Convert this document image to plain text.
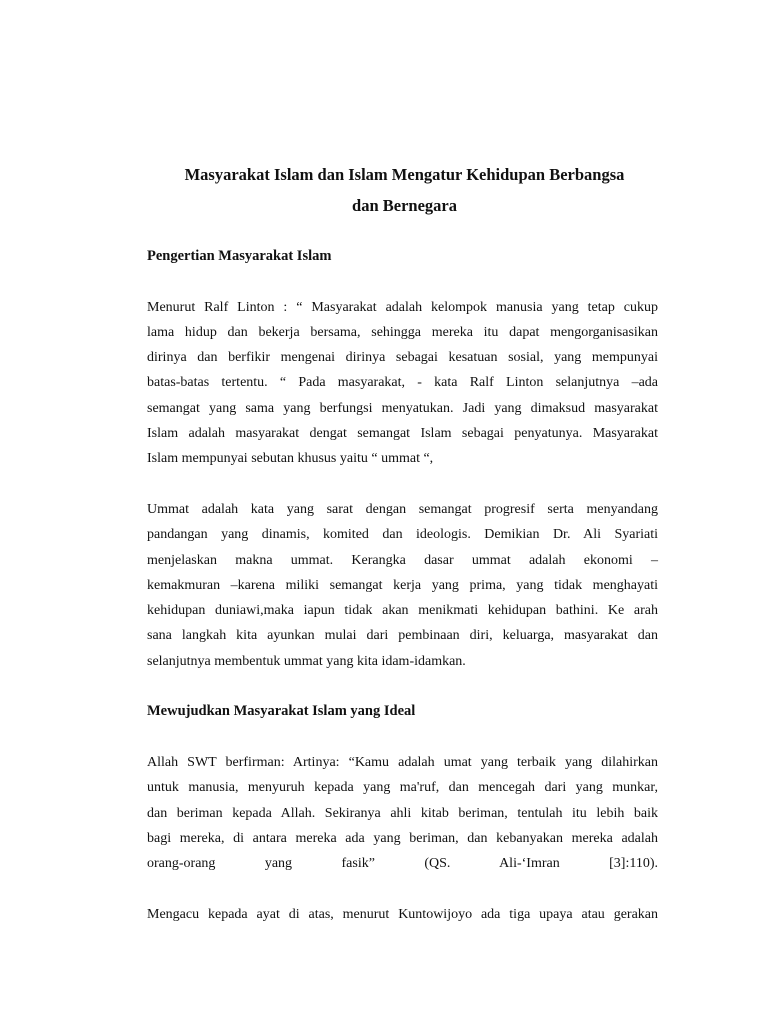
Masyarakat Islam dan Islam Mengatur Kehidupan Berbangsa
dan Bernegara
Pengertian Masyarakat Islam

Menurut Ralf Linton : “ Masyarakat adalah kelompok manusia yang tetap cukup
lama hidup dan bekerja bersama, sehingga mereka itu dapat mengorganisasikan
dirinya dan berfikir mengenai dirinya sebagai kesatuan sosial, yang mempunyai
batas-batas tertentu. “ Pada masyarakat, - kata Ralf Linton selanjutnya –ada
semangat yang sama yang berfungsi menyatukan. Jadi yang dimaksud masyarakat
Islam adalah masyarakat dengat semangat Islam sebagai penyatunya. Masyarakat
Islam mempunyai sebutan khusus yaitu “ ummat “,

Ummat adalah kata yang sarat dengan semangat progresif serta menyandang
pandangan yang dinamis, komited dan ideologis. Demikian Dr. Ali Syariati
menjelaskan makna ummat. Kerangka dasar ummat adalah ekonomi –
kemakmuran –karena miliki semangat kerja yang prima, yang tidak menghayati
kehidupan duniawi,maka iapun tidak akan menikmati kehidupan bathini. Ke arah
sana langkah kita ayunkan mulai dari pembinaan diri, keluarga, masyarakat dan
selanjutnya membentuk ummat yang kita idam-idamkan.

Mewujudkan Masyarakat Islam yang Ideal

Allah SWT berfirman: Artinya: “Kamu adalah umat yang terbaik yang dilahirkan
untuk manusia, menyuruh kepada yang ma'ruf, dan mencegah dari yang munkar,
dan beriman kepada Allah. Sekiranya ahli kitab beriman, tentulah itu lebih baik
bagi mereka, di antara mereka ada yang beriman, dan kebanyakan mereka adalah
orang-orang yang fasik” (QS. Ali-‘Imran [3]:110).

Mengacu kepada ayat di atas, menurut Kuntowijoyo ada tiga upaya atau gerakan
